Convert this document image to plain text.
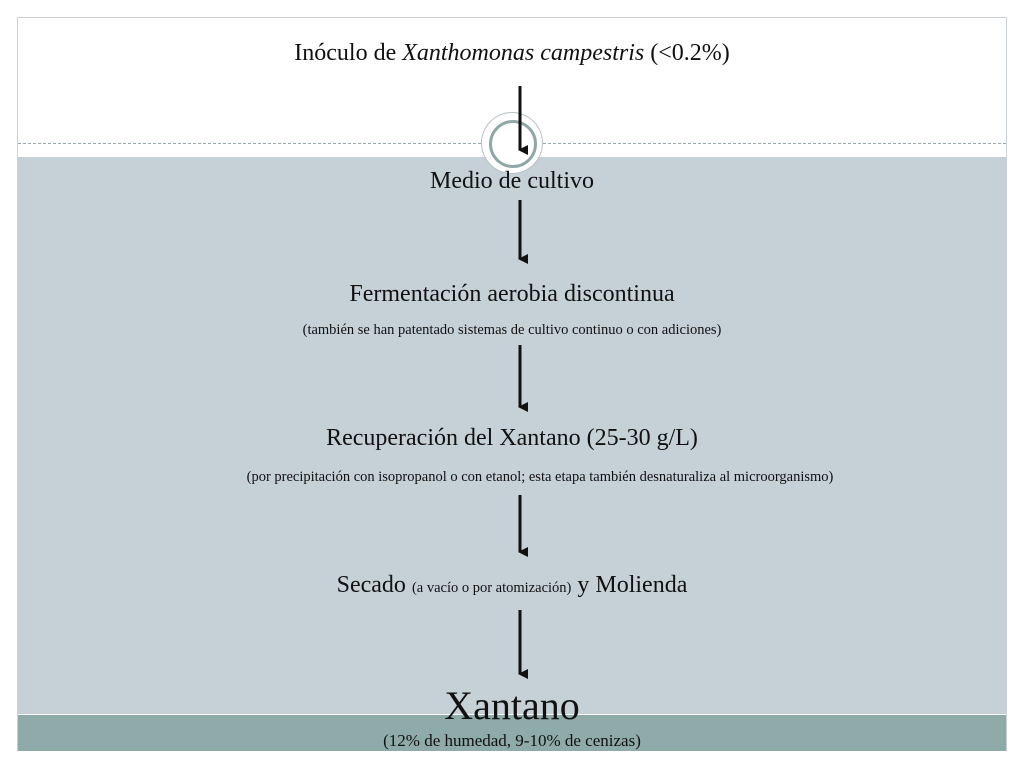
Inóculo de Xanthomonas campestris (<0.2%)
Medio de cultivo
Fermentación aerobia discontinua
(también se han patentado sistemas de cultivo continuo o con adiciones)
Recuperación del Xantano (25-30 g/L)
(por precipitación con isopropanol o con etanol; esta etapa también desnaturaliza al microorganismo)
Secado (a vacío o por atomización) y Molienda
Xantano
(12% de humedad, 9-10% de cenizas)
